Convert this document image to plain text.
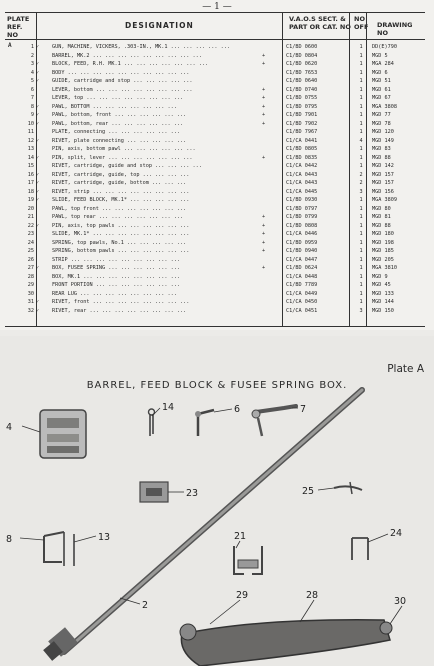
— 1 —
PLATE REF. NO
DESIGNATION
V.A.O.S SECT. & PART OR CAT. NO
NO OFF DRAWING NO
A	1 ✓	GUN, MACHINE, VICKERS, .303-IN., MK.1 ... ... ... ... ...	C1/BD 0600	1	DD(E)790
2	BARREL, MK.2 ... ... ... ... ... ... ... ... ...	+	C1/BD 0804	1	MGD 5
3 ✓	BLOCK, FEED, R.H. MK.1 ... ... ... ... ... ... ...	+	C1/BD 0620	1	MGA 284
4 ✓	BODY ... ... ... ... ... ... ... ... ... ...	C1/BD 7653	1	MGD 6
5 ✓	GUIDE, cartridge and stop ... ... ... ... ...	C1/BD 0640	1	MGD 51
6	LEVER, bottom ... ... ... ... ... ... ... ...	+	C1/BD 0740	1	MGD 61
7	LEVER, top ... ... ... ... ... ... ... ...	+	C1/BD 0755	1	MGD 67
8 ✓	PAWL, BOTTOM ... ... ... ... ... ... ...	+	C1/BD 0795	1	MGA 3808
9 ✓	PAWL, bottom, front ... ... ... ... ... ...	+	C1/BD 7901	1	MGD 77
10 ✓	PAWL, bottom, rear ... ... ... ... ... ...	+	C1/BD 7902	1	MGD 78
11	PLATE, connecting ... ... ... ... ... ...	C1/BD 7967	1	MGD 120
12 ✓	RIVET, plate connecting ... ... ... ... ...	C1/CA 0441	4	MGD 149
13	PIN, axis, bottom pawl ... ... ... ... ... ...	C1/BD 0805	1	MGD 83
14 ✓	PIN, split, lever ... ... ... ... ... ... ...	+	C1/BD 0835	1	MGD 88
15	RIVET, cartridge, guide and stop ... ... ... ...	C1/CA 0442	1	MGD 142
16 ✓	RIVET, cartridge, guide, top ... ... ... ...	C1/CA 0443	2	MGD 157
17 ✓	RIVET, cartridge, guide, bottom ... ... ...	C1/CA 0443	2	MGD 157
18 ✓	RIVET, strip ... ... ... ... ... ... ... ...	C1/CA 0445	3	MGD 156
19 ✓	SLIDE, FEED BLOCK, MK.1* ... ... ... ... ...	C1/BD 0930	1	MGA 3809
20	PAWL, top front ... ... ... ... ... ... ...	C1/BD 0797	1	MGD 80
21	PAWL, top rear ... ... ... ... ... ... ...	+	C1/BD 0799	1	MGD 81
22 ✓	PIN, axis, top pawls ... ... ... ... ... ...	+	C1/BD 0808	1	MGD 88
23	SLIDE, MK.1* ... ... ... ... ... ... ... ...	+	C1/CA 0446	1	MGD 180
24	SPRING, top pawls, No.1 ... ... ... ... ...	+	C1/BD 0959	1	MGD 198
25	SPRING, bottom pawls ... ... ... ... ... ...	+	C1/BD 0940	1	MGD 185
26	STRIP ... ... ... ... ... ... ... ... ...	C1/CA 0447	1	MGD 205
27 ✓	BOX, FUSEE SPRING ... ... ... ... ... ...	+	C1/BD 0624	1	MGA 3810
28	BOX, MK.1 ... ... ... ... ... ... ... ...	C1/CA 0448	1	MGD 9
29	FRONT PORTION ... ... ... ... ... ... ...	C1/BD 7789	1	MGD 45
30	REAR LUG ... ... ... ... ... ... ... ...	C1/CA 0449	1	MGD 133
31 ✓	RIVET, front ... ... ... ... ... ... ... ...	C1/CA 0450	1	MGD 144
32 ✓	RIVET, rear ... ... ... ... ... ... ... ...	C1/CA 0451	3	MGD 150
Plate A
BARREL, FEED BLOCK & FUSEE SPRING BOX.
4
14	6	7
23	25
8	13	21	24
2
29	28
30
